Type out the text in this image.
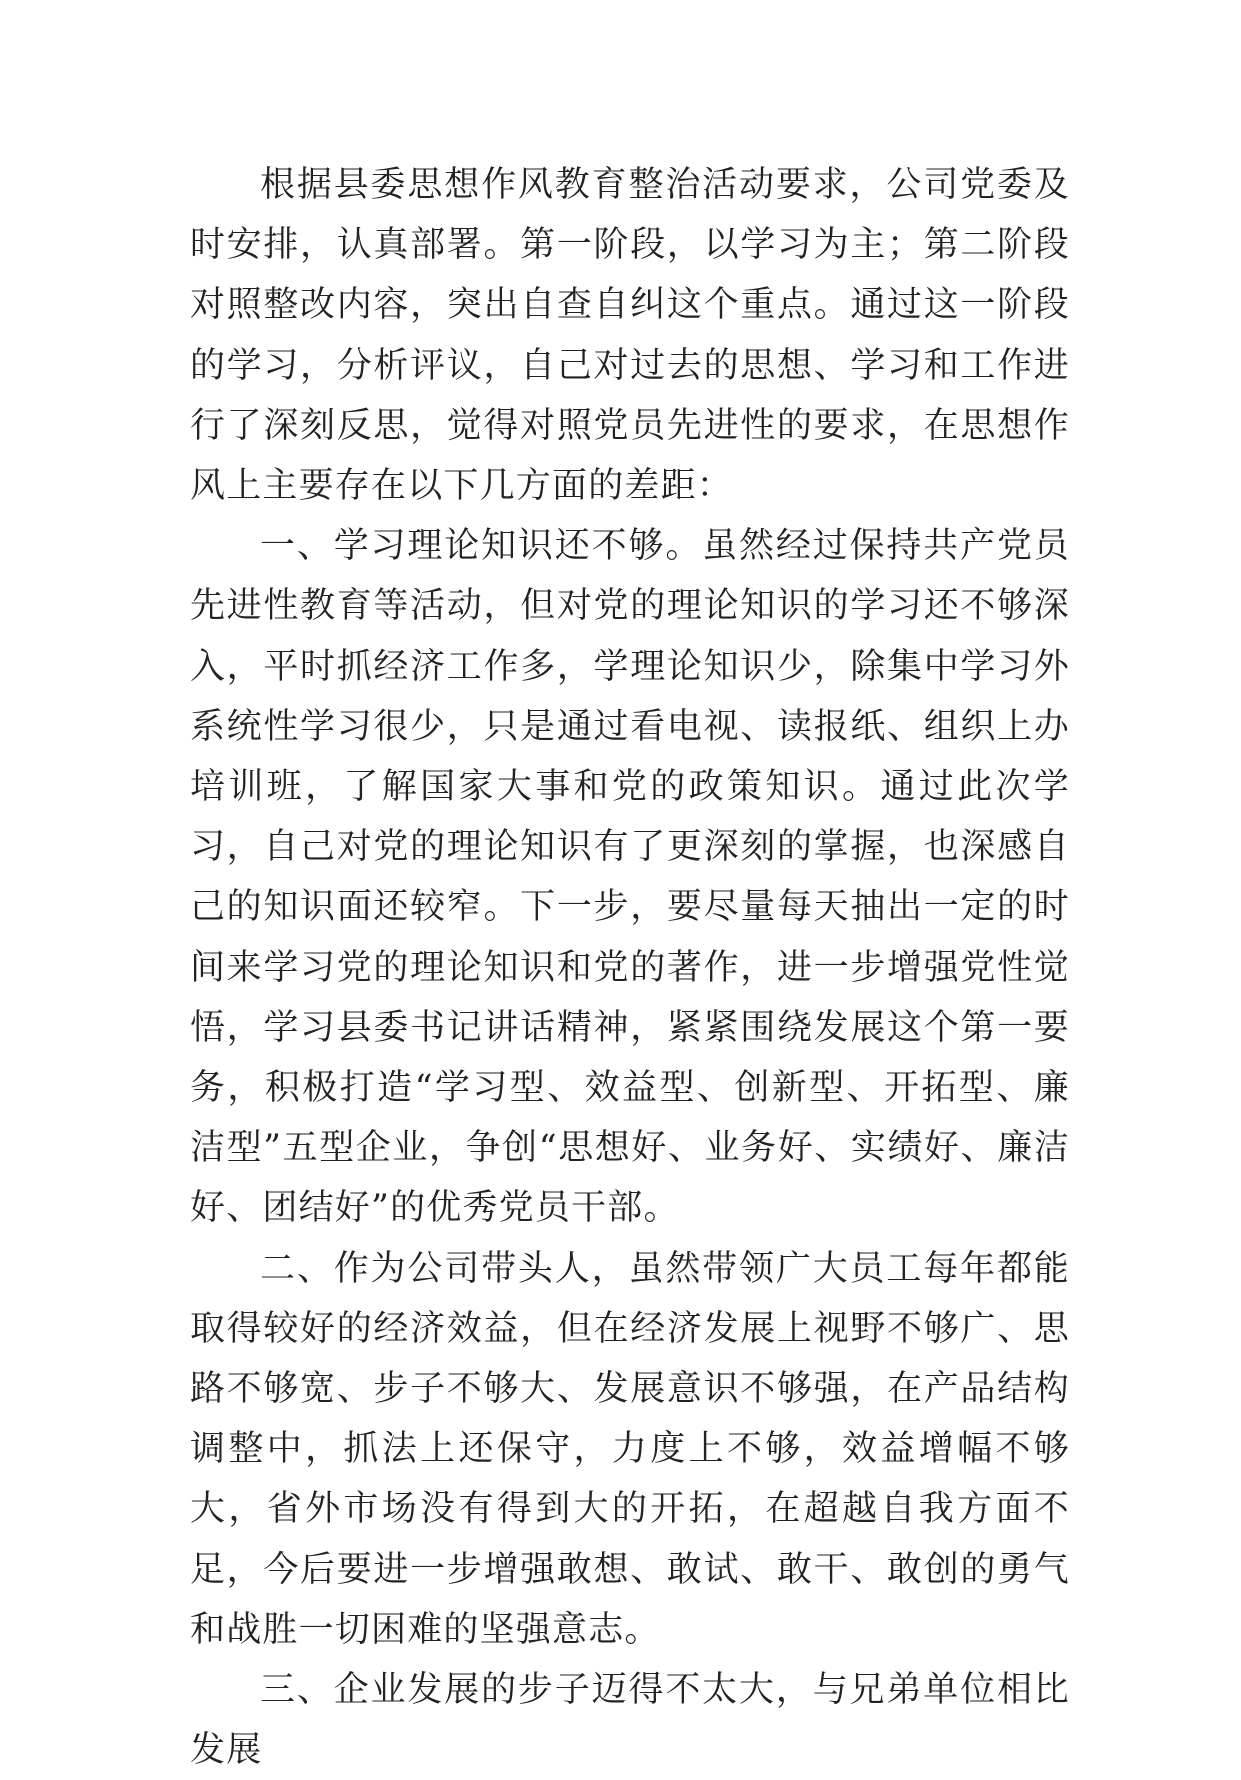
根据县委思想作风教育整治活动要求，公司党委及时安排，认真部署。第一阶段，以学习为主；第二阶段对照整改内容，突出自查自纠这个重点。通过这一阶段的学习，分析评议，自己对过去的思想、学习和工作进行了深刻反思，觉得对照党员先进性的要求，在思想作风上主要存在以下几方面的差距：

一、学习理论知识还不够。虽然经过保持共产党员先进性教育等活动，但对党的理论知识的学习还不够深入，平时抓经济工作多，学理论知识少，除集中学习外系统性学习很少，只是通过看电视、读报纸、组织上办培训班，了解国家大事和党的政策知识。通过此次学习，自己对党的理论知识有了更深刻的掌握，也深感自己的知识面还较窄。下一步，要尽量每天抽出一定的时间来学习党的理论知识和党的著作，进一步增强党性觉悟，学习县委书记讲话精神，紧紧围绕发展这个第一要务，积极打造“学习型、效益型、创新型、开拓型、廉洁型”五型企业，争创“思想好、业务好、实绩好、廉洁好、团结好”的优秀党员干部。

二、作为公司带头人，虽然带领广大员工每年都能取得较好的经济效益，但在经济发展上视野不够广、思路不够宽、步子不够大、发展意识不够强，在产品结构调整中，抓法上还保守，力度上不够，效益增幅不够大，省外市场没有得到大的开拓，在超越自我方面不足，今后要进一步增强敢想、敢试、敢干、敢创的勇气和战胜一切困难的坚强意志。

三、企业发展的步子迈得不太大，与兄弟单位相比发展
